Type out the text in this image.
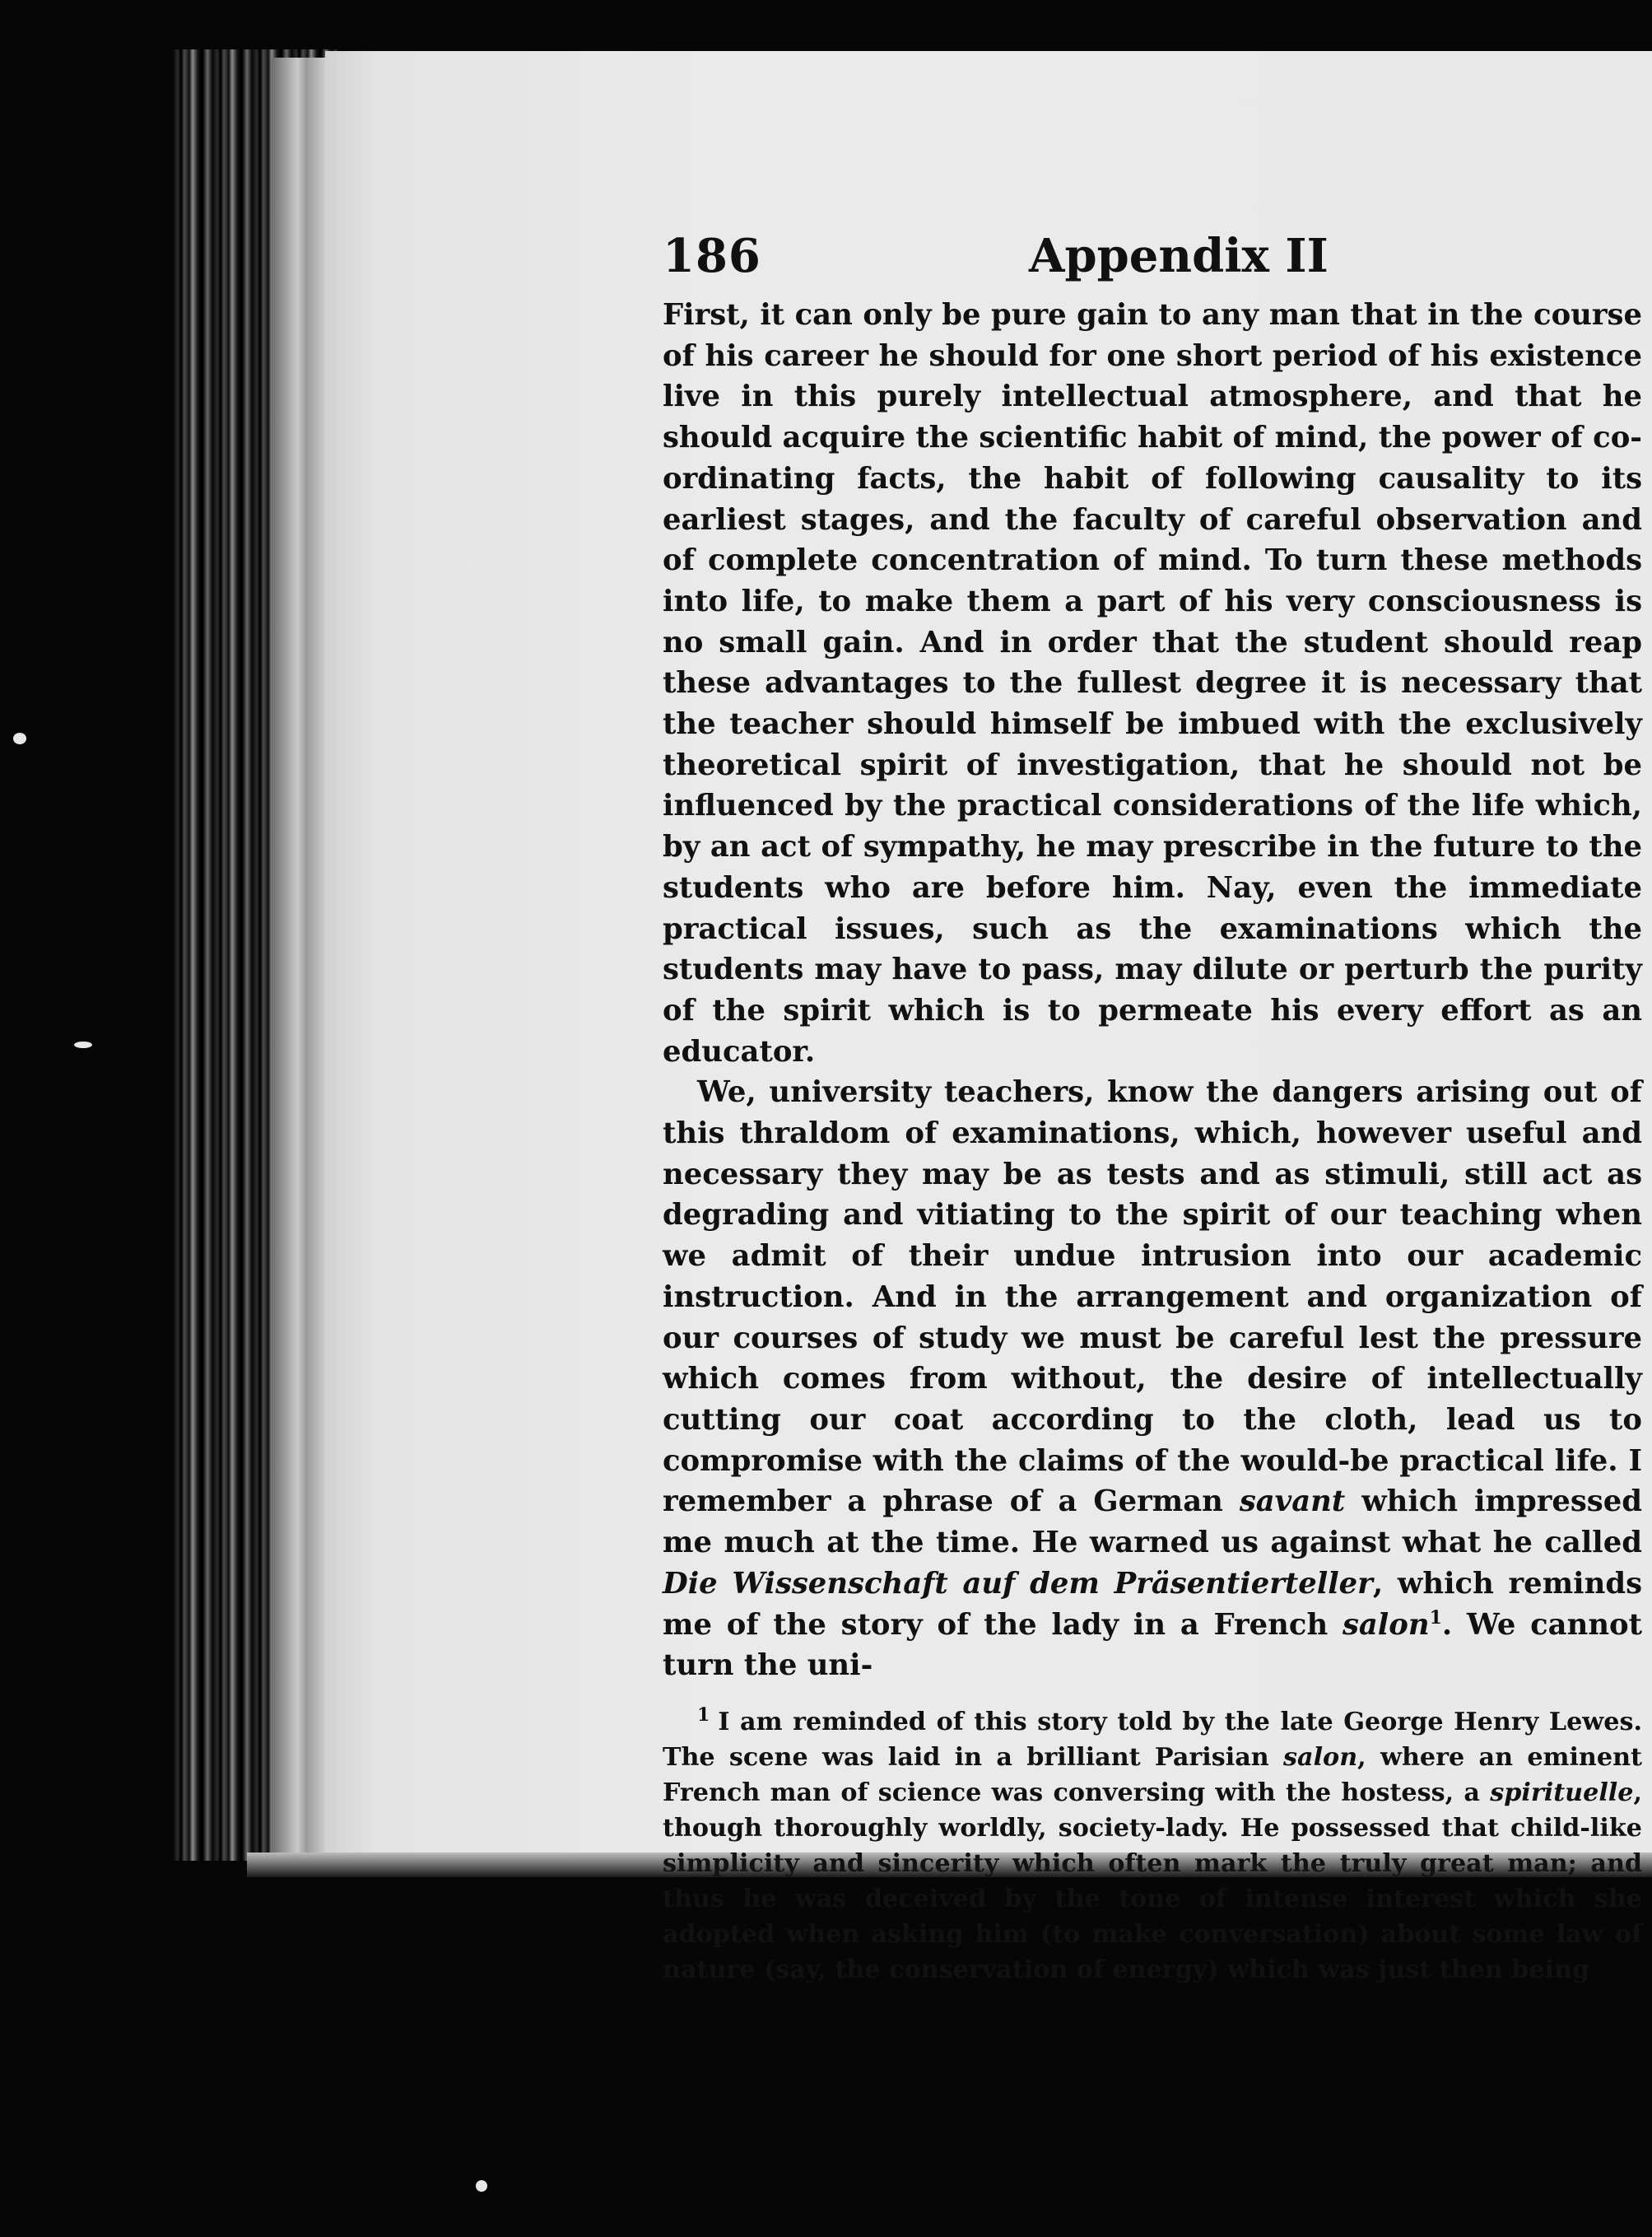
186	Appendix II

First, it can only be pure gain to any man that in the course of his career he should for one short period of his existence live in this purely intellectual atmosphere, and that he should acquire the scientific habit of mind, the power of co-ordinating facts, the habit of following causality to its earliest stages, and the faculty of careful observation and of complete concentration of mind. To turn these methods into life, to make them a part of his very consciousness is no small gain. And in order that the student should reap these advantages to the fullest degree it is necessary that the teacher should himself be imbued with the exclusively theoretical spirit of investigation, that he should not be influenced by the practical considerations of the life which, by an act of sympathy, he may prescribe in the future to the students who are before him. Nay, even the immediate practical issues, such as the examinations which the students may have to pass, may dilute or perturb the purity of the spirit which is to permeate his every effort as an educator.

We, university teachers, know the dangers arising out of this thraldom of examinations, which, however useful and necessary they may be as tests and as stimuli, still act as degrading and vitiating to the spirit of our teaching when we admit of their undue intrusion into our academic instruction. And in the arrangement and organization of our courses of study we must be careful lest the pressure which comes from without, the desire of intellectually cutting our coat according to the cloth, lead us to compromise with the claims of the would-be practical life. I remember a phrase of a German savant which impressed me much at the time. He warned us against what he called Die Wissenschaft auf dem Präsentierteller, which reminds me of the story of the lady in a French salon$^1$. We cannot turn the uni-

$^1$ I am reminded of this story told by the late George Henry Lewes. The scene was laid in a brilliant Parisian salon, where an eminent French man of science was conversing with the hostess, a spirituelle, though thoroughly worldly, society-lady. He possessed that child-like simplicity and sincerity which often mark the truly great man; and thus he was deceived by the tone of intense interest which she adopted when asking him (to make conversation) about some law of nature (say, the conservation of energy) which was just then being
